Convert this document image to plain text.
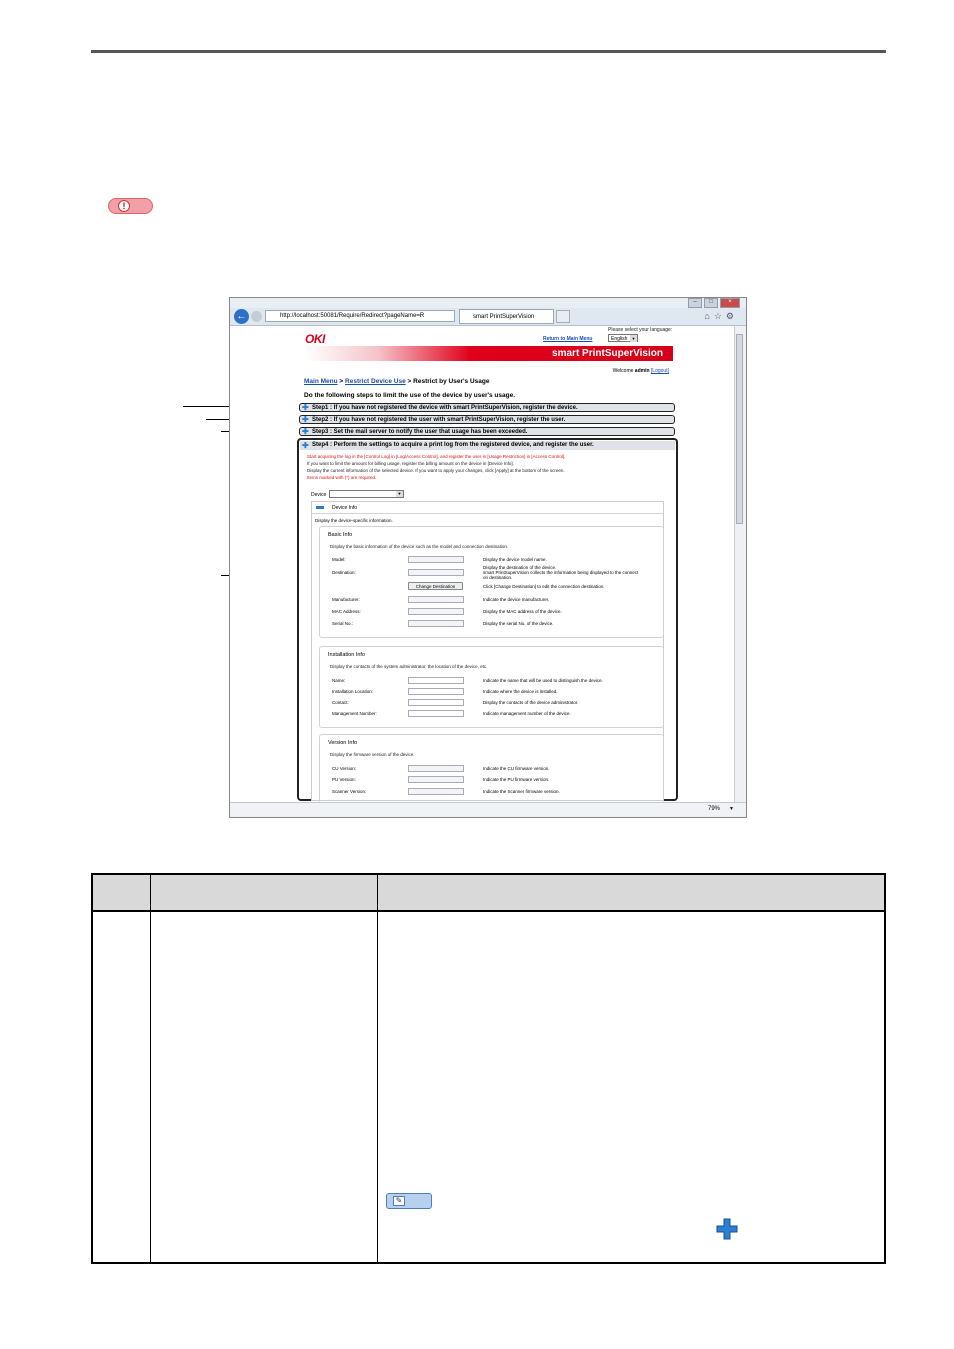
!
–	□	×
←	http://localhost:50081/Require/Redirect?pageName=R	smart PrintSuperVision	⌂☆⚙
OKI
Please select your language:
English ▼
Return to Main Menu
smart PrintSuperVision
Welcome admin [Logout]
Main Menu > Restrict Device Use > Restrict by User's Usage
Do the following steps to limit the use of the device by user's usage.
✚ Step1 : If you have not registered the device with smart PrintSuperVision, register the device.
✚ Step2 : If you have not registered the user with smart PrintSuperVision, register the user.
✚ Step3 : Set the mail server to notify the user that usage has been exceeded.
✚ Step4 : Perform the settings to acquire a print log from the registered device, and register the user.
Start acquiring the log in the [Control Log] in [Log/Access Control], and register the user in [Usage Restriction] in [Access Control].
If you want to limit the amount for billing usage, register the billing amount on the device in [Device Info].
Display the current information of the selected device. If you want to apply your changes, click [Apply] at the bottom of the screen.
Items marked with (*) are required.
Device
▼
Device Info
Display the device-specific information.
Basic Info
Display the basic information of the device such as the model and connection destination.
Model:	Display the device model name.
Destination:
Display the destination of the device.
smart PrintSuperVision collects the information being displayed to the connect
on destination.
Change Destination	Click [Change Destination] to edit the connection destination.
Manufacturer:	Indicate the device manufacturer.
MAC Address:	Display the MAC address of the device.
Serial No.:	Display the serial No. of the device.
Installation Info
Display the contacts of the system administrator, the location of the device, etc.
Name:	Indicate the name that will be used to distinguish the device.
Installation Location:	Indicate where the device is installed.
Contact:	Display the contacts of the device administrator.
Management Number:	Indicate management number of the device.
Version Info
Display the firmware version of the device.
CU Version:	Indicate the CU firmware version.
PU Version:	Indicate the PU firmware version.
Scanner Version:	Indicate the Scanner firmware version.
79% ▼
✎
